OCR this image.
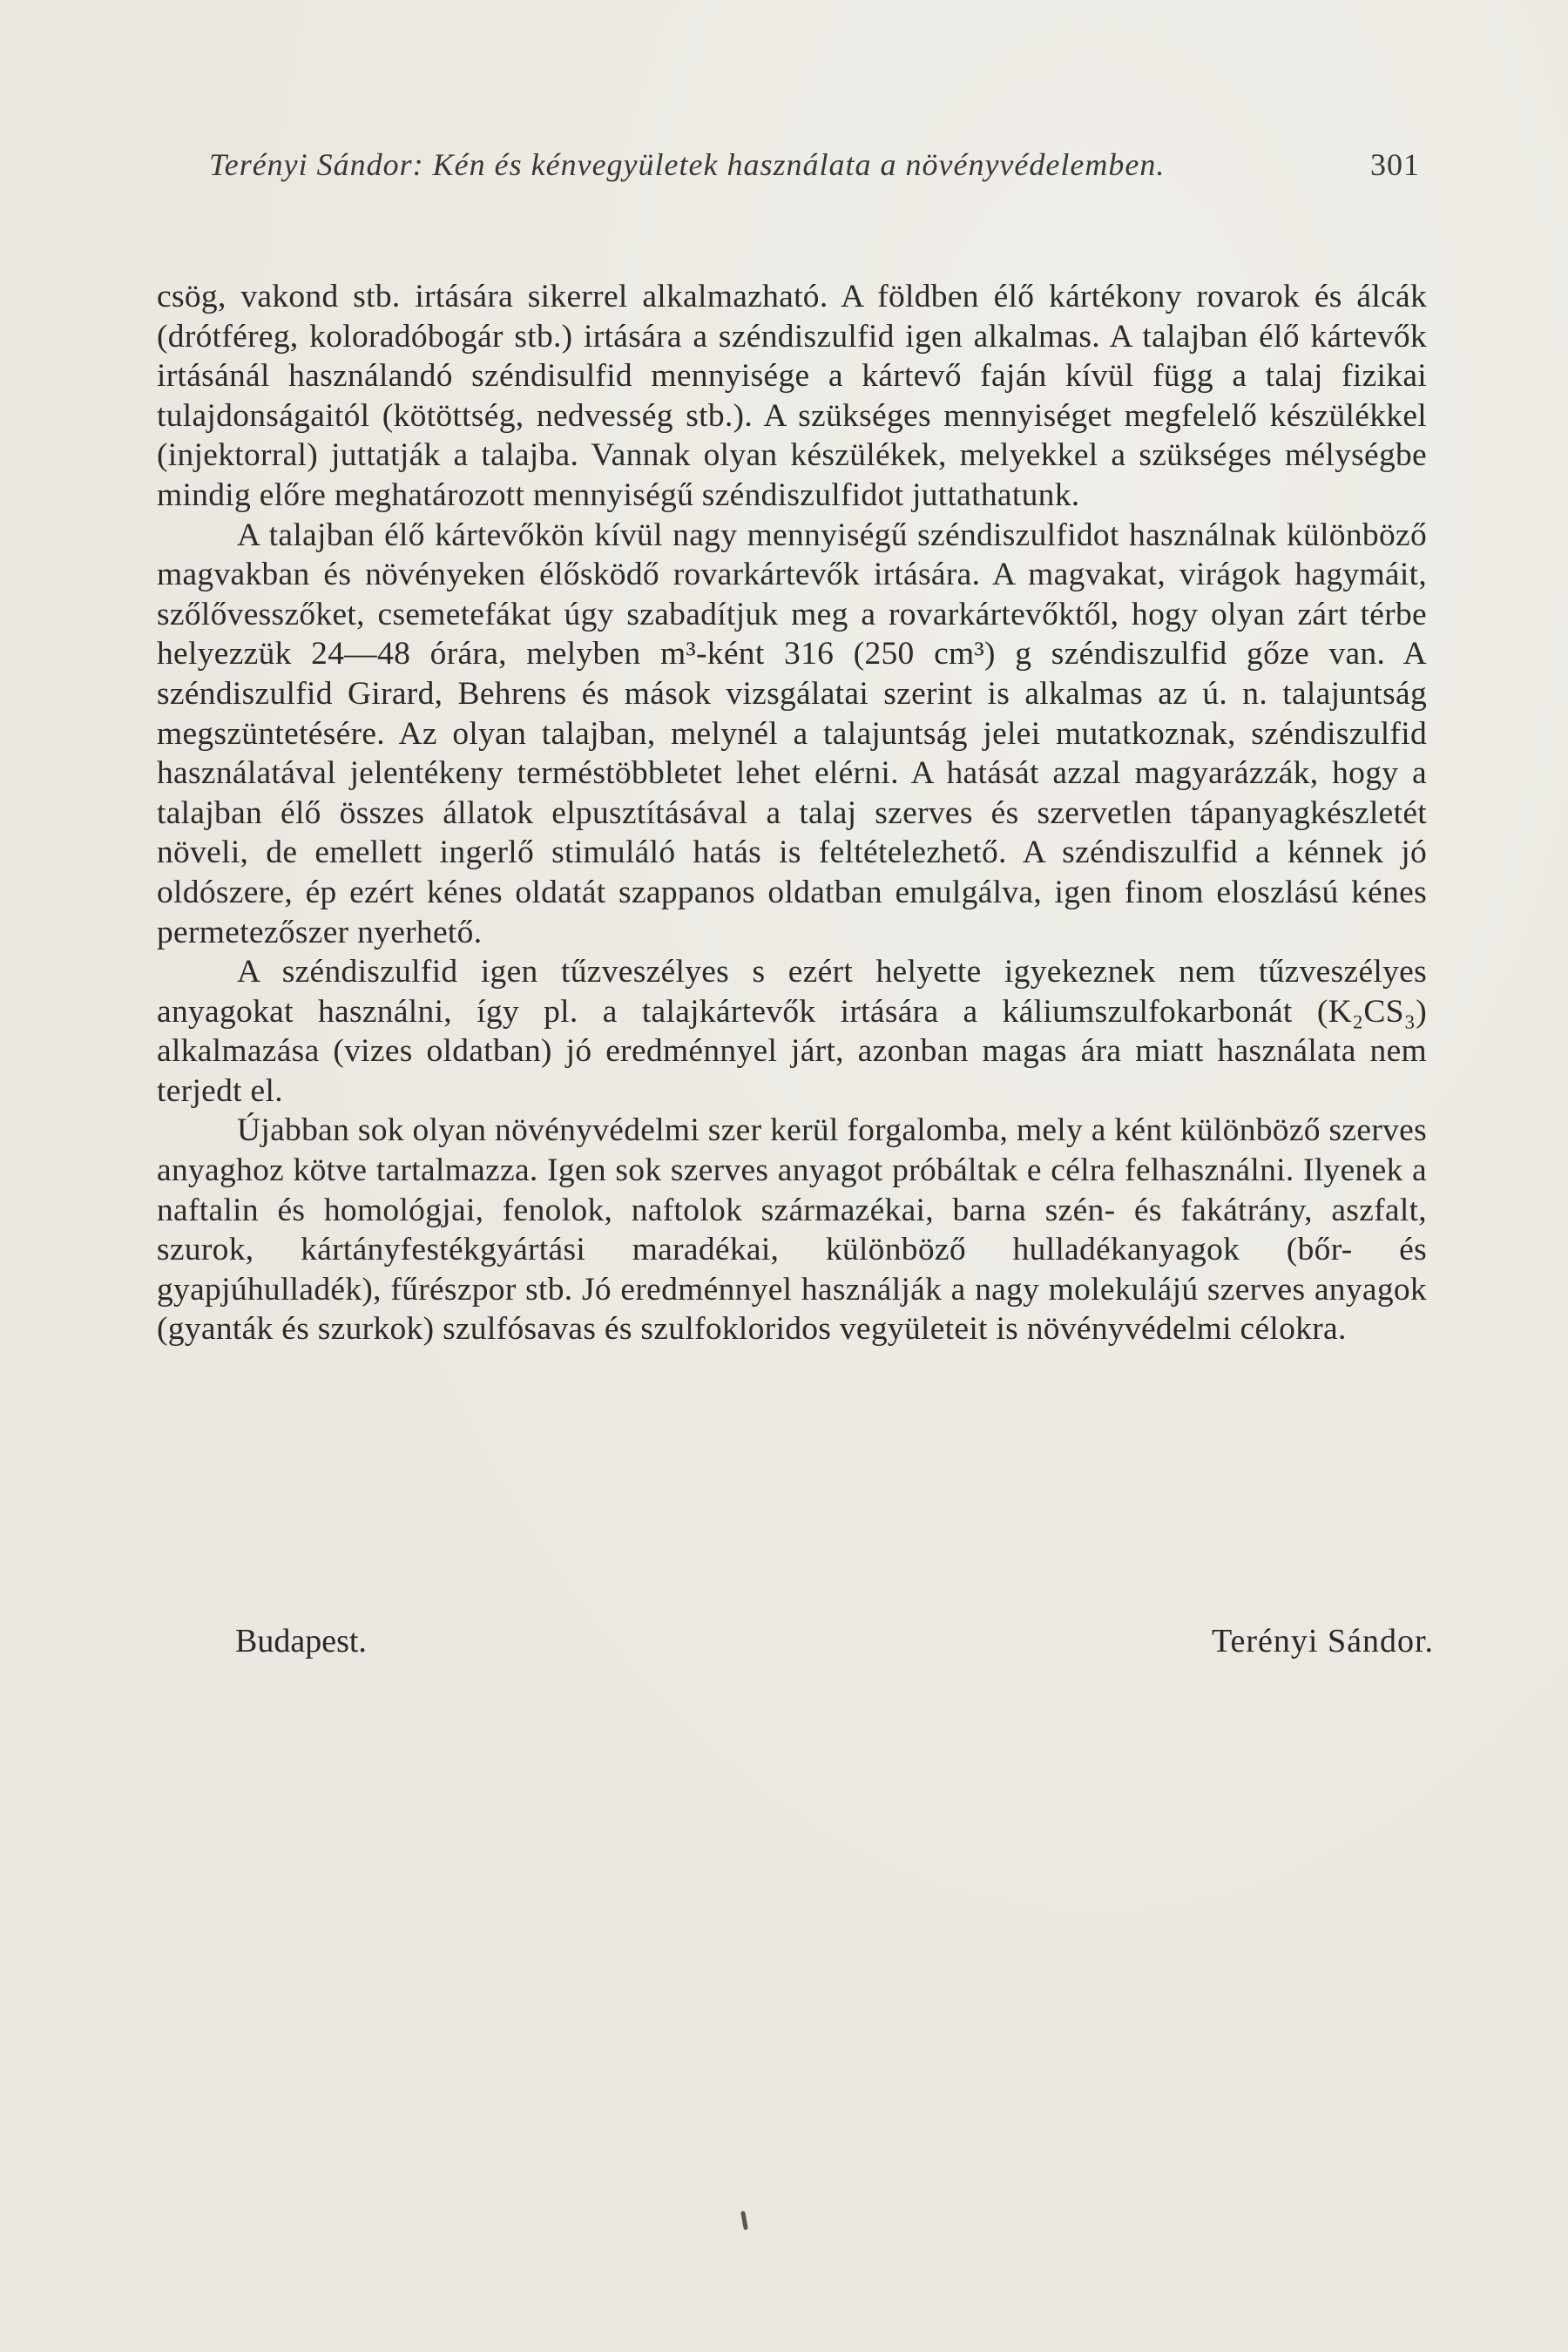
Terényi Sándor: Kén és kénvegyületek használata a növényvédelemben.	301

csög, vakond stb. irtására sikerrel alkalmazható. A földben élő kártékony rovarok és álcák (drótféreg, koloradóbogár stb.) irtására a széndiszulfid igen alkalmas. A talajban élő kártevők irtásánál használandó széndisulfid mennyisége a kártevő faján kívül függ a talaj fizikai tulajdonságaitól (kötöttség, nedvesség stb.). A szükséges mennyiséget megfelelő készülékkel (injektorral) juttatják a talajba. Vannak olyan készülékek, melyekkel a szükséges mélységbe mindig előre meghatározott mennyiségű széndiszulfidot juttathatunk.

A talajban élő kártevőkön kívül nagy mennyiségű széndiszulfidot használnak különböző magvakban és növényeken élősködő rovarkártevők irtására. A magvakat, virágok hagymáit, szőlővesszőket, csemetefákat úgy szabadítjuk meg a rovarkártevőktől, hogy olyan zárt térbe helyezzük 24—48 órára, melyben m³-ként 316 (250 cm³) g széndiszulfid gőze van. A széndiszulfid Girard, Behrens és mások vizsgálatai szerint is alkalmas az ú. n. talajuntság megszüntetésére. Az olyan talajban, melynél a talajuntság jelei mutatkoznak, széndiszulfid használatával jelentékeny terméstöbbletet lehet elérni. A hatását azzal magyarázzák, hogy a talajban élő összes állatok elpusztításával a talaj szerves és szervetlen tápanyagkészletét növeli, de emellett ingerlő stimuláló hatás is feltételezhető. A széndiszulfid a kénnek jó oldószere, ép ezért kénes oldatát szappanos oldatban emulgálva, igen finom eloszlású kénes permetezőszer nyerhető.

A széndiszulfid igen tűzveszélyes s ezért helyette igyekeznek nem tűzveszélyes anyagokat használni, így pl. a talajkártevők irtására a káliumszulfokarbonát (K₂CS₃) alkalmazása (vizes oldatban) jó eredménnyel járt, azonban magas ára miatt használata nem terjedt el.

Újabban sok olyan növényvédelmi szer kerül forgalomba, mely a ként különböző szerves anyaghoz kötve tartalmazza. Igen sok szerves anyagot próbáltak e célra felhasználni. Ilyenek a naftalin és homológjai, fenolok, naftolok származékai, barna szén- és fakátrány, aszfalt, szurok, kártányfestékgyártási maradékai, különböző hulladékanyagok (bőr- és gyapjúhulladék), fűrészpor stb. Jó eredménnyel használják a nagy molekulájú szerves anyagok (gyanták és szurkok) szulfósavas és szulfokloridos vegyületeit is növényvédelmi célokra.

Budapest.	Terényi Sándor.
